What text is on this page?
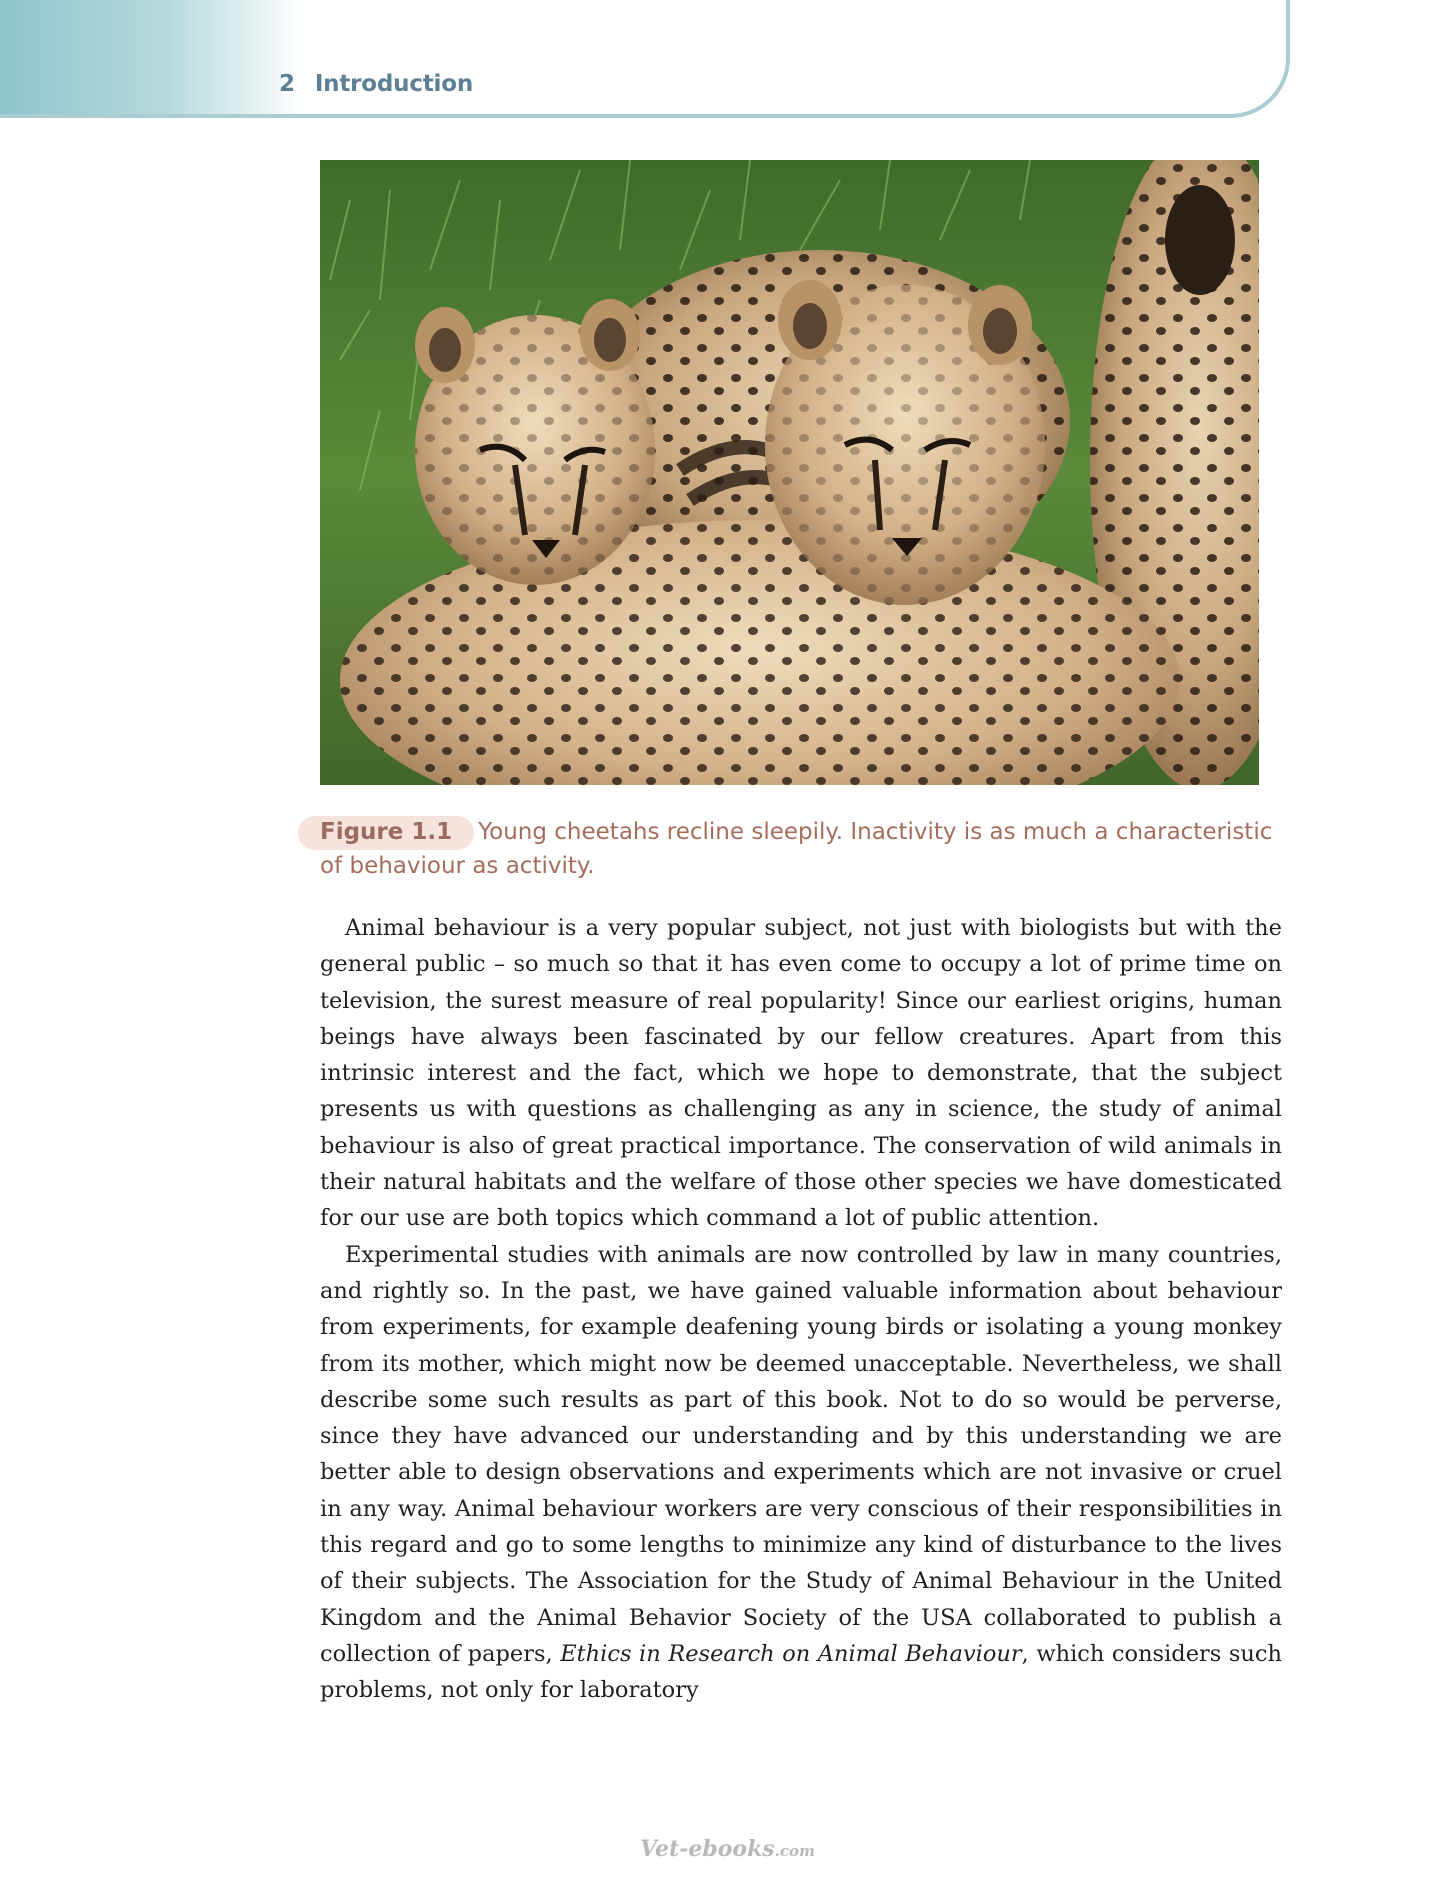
2 Introduction
Figure 1.1 Young cheetahs recline sleepily. Inactivity is as much a characteristic of behaviour as activity.

Animal behaviour is a very popular subject, not just with biologists but with the general public – so much so that it has even come to occupy a lot of prime time on television, the surest measure of real popularity! Since our earliest origins, human beings have always been fascinated by our fellow creatures. Apart from this intrinsic interest and the fact, which we hope to demonstrate, that the subject presents us with questions as challenging as any in science, the study of animal behaviour is also of great practical importance. The conservation of wild animals in their natural habitats and the welfare of those other species we have domesticated for our use are both topics which command a lot of public attention.

Experimental studies with animals are now controlled by law in many countries, and rightly so. In the past, we have gained valuable information about behaviour from experiments, for example deafening young birds or isolating a young monkey from its mother, which might now be deemed unacceptable. Nevertheless, we shall describe some such results as part of this book. Not to do so would be perverse, since they have advanced our understanding and by this understanding we are better able to design observations and experiments which are not invasive or cruel in any way. Animal behaviour workers are very conscious of their responsibilities in this regard and go to some lengths to minimize any kind of disturbance to the lives of their subjects. The Association for the Study of Animal Behaviour in the United Kingdom and the Animal Behavior Society of the USA collaborated to publish a collection of papers, Ethics in Research on Animal Behaviour, which considers such problems, not only for laboratory

Vet-ebooks.com
